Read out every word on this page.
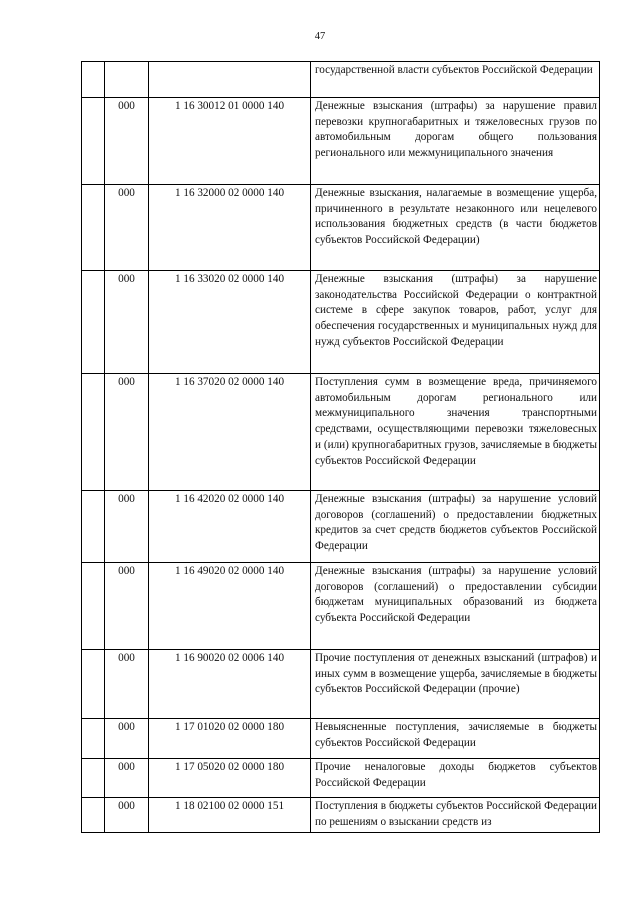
47
			государственной власти субъектов Российской Федерации
	000	1 16 30012 01 0000 140	Денежные взыскания (штрафы) за нарушение правил перевозки крупногабаритных и тяжеловесных грузов по автомобильным дорогам общего пользования регионального или межмуниципального значения
	000	1 16 32000 02 0000 140	Денежные взыскания, налагаемые в возмещение ущерба, причиненного в результате незаконного или нецелевого использования бюджетных средств (в части бюджетов субъектов Российской Федерации)
	000	1 16 33020 02 0000 140	Денежные взыскания (штрафы) за нарушение законодательства Российской Федерации о контрактной системе в сфере закупок товаров, работ, услуг для обеспечения государственных и муниципальных нужд для нужд субъектов Российской Федерации
	000	1 16 37020 02 0000 140	Поступления сумм в возмещение вреда, причиняемого автомобильным дорогам регионального или межмуниципального значения транспортными средствами, осуществляющими перевозки тяжеловесных и (или) крупногабаритных грузов, зачисляемые в бюджеты субъектов Российской Федерации
	000	1 16 42020 02 0000 140	Денежные взыскания (штрафы) за нарушение условий договоров (соглашений) о предоставлении бюджетных кредитов за счет средств бюджетов субъектов Российской Федерации
	000	1 16 49020 02 0000 140	Денежные взыскания (штрафы) за нарушение условий договоров (соглашений) о предоставлении субсидии бюджетам муниципальных образований из бюджета субъекта Российской Федерации
	000	1 16 90020 02 0006 140	Прочие поступления от денежных взысканий (штрафов) и иных сумм в возмещение ущерба, зачисляемые в бюджеты субъектов Российской Федерации (прочие)
	000	1 17 01020 02 0000 180	Невыясненные поступления, зачисляемые в бюджеты субъектов Российской Федерации
	000	1 17 05020 02 0000 180	Прочие неналоговые доходы бюджетов субъектов Российской Федерации
	000	1 18 02100 02 0000 151	Поступления в бюджеты субъектов Российской Федерации по решениям о взыскании средств из
